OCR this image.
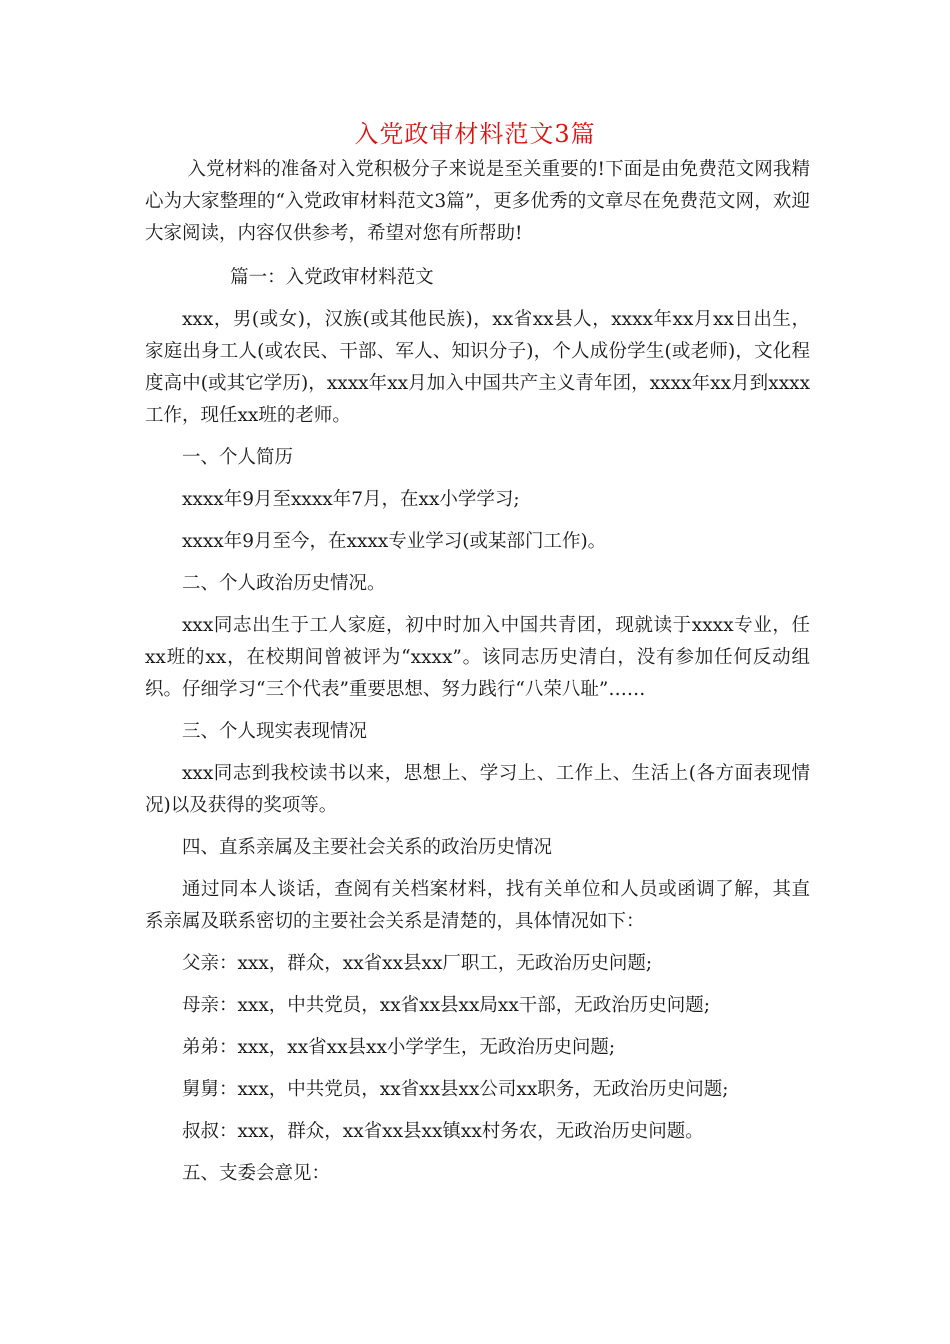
入党政审材料范文3篇

入党材料的准备对入党积极分子来说是至关重要的!下面是由免费范文网我精心为大家整理的“入党政审材料范文3篇”，更多优秀的文章尽在免费范文网，欢迎大家阅读，内容仅供参考，希望对您有所帮助!

篇一：入党政审材料范文

xxx，男(或女)，汉族(或其他民族)，xx省xx县人，xxxx年xx月xx日出生，家庭出身工人(或农民、干部、军人、知识分子)，个人成份学生(或老师)，文化程度高中(或其它学历)，xxxx年xx月加入中国共产主义青年团，xxxx年xx月到xxxx工作，现任xx班的老师。

一、个人简历

xxxx年9月至xxxx年7月，在xx小学学习;

xxxx年9月至今，在xxxx专业学习(或某部门工作)。

二、个人政治历史情况。

xxx同志出生于工人家庭，初中时加入中国共青团，现就读于xxxx专业，任xx班的xx，在校期间曾被评为“xxxx”。该同志历史清白，没有参加任何反动组织。仔细学习“三个代表”重要思想、努力践行“八荣八耻”……

三、个人现实表现情况

xxx同志到我校读书以来，思想上、学习上、工作上、生活上(各方面表现情况)以及获得的奖项等。

四、直系亲属及主要社会关系的政治历史情况

通过同本人谈话，查阅有关档案材料，找有关单位和人员或函调了解，其直系亲属及联系密切的主要社会关系是清楚的，具体情况如下：

父亲：xxx，群众，xx省xx县xx厂职工，无政治历史问题;

母亲：xxx，中共党员，xx省xx县xx局xx干部，无政治历史问题;

弟弟：xxx，xx省xx县xx小学学生，无政治历史问题;

舅舅：xxx，中共党员，xx省xx县xx公司xx职务，无政治历史问题;

叔叔：xxx，群众，xx省xx县xx镇xx村务农，无政治历史问题。

五、支委会意见：
